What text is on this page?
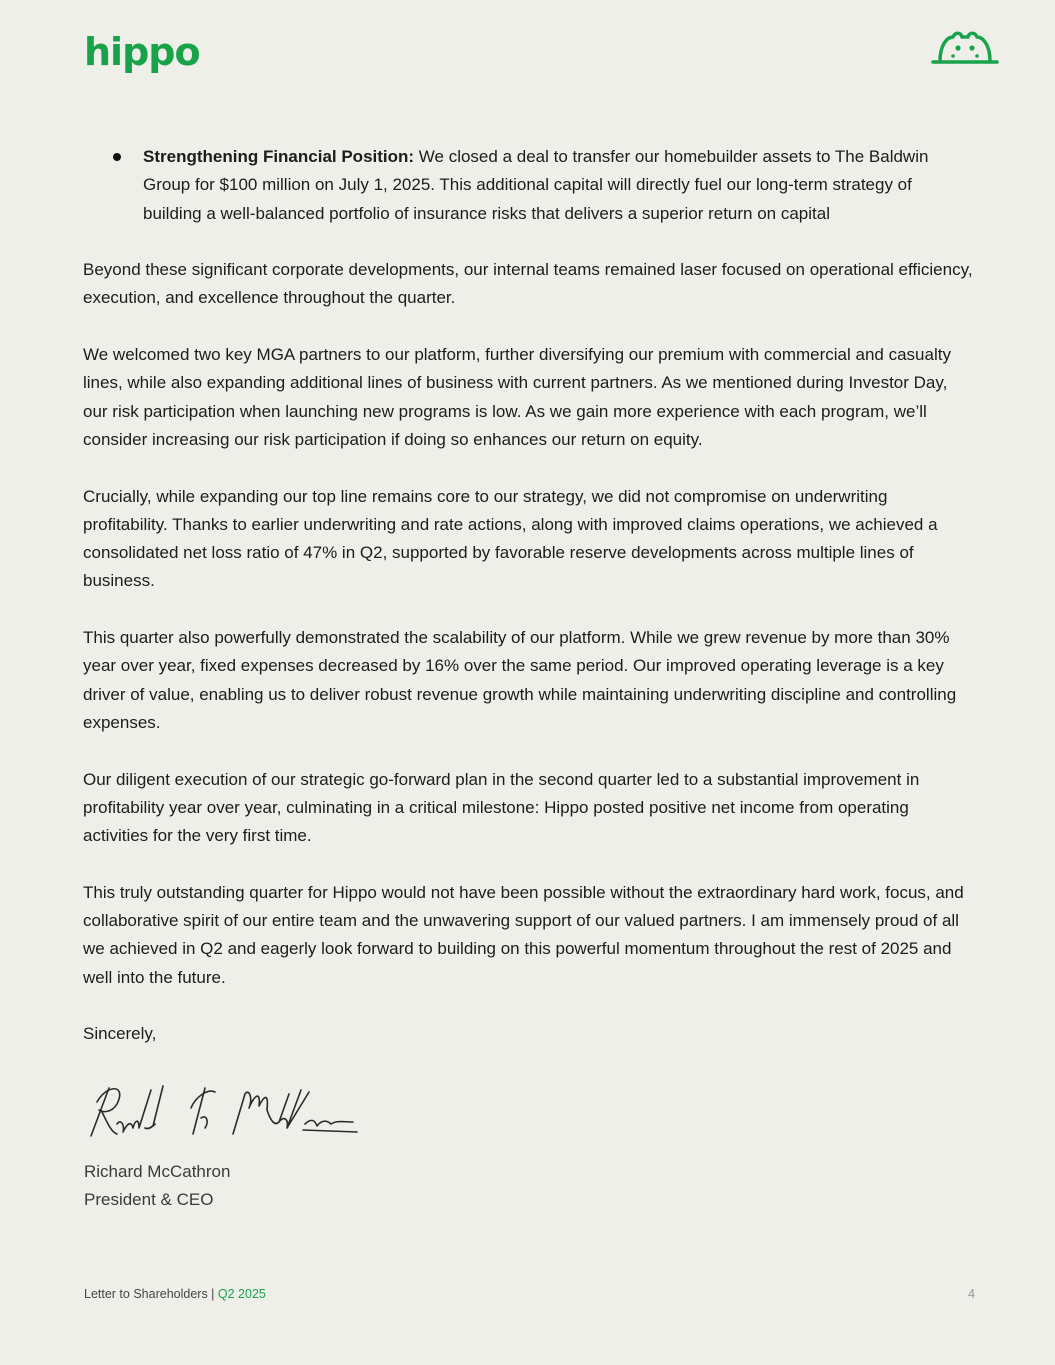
hippo

Strengthening Financial Position: We closed a deal to transfer our homebuilder assets to The Baldwin Group for $100 million on July 1, 2025. This additional capital will directly fuel our long-term strategy of building a well-balanced portfolio of insurance risks that delivers a superior return on capital

Beyond these significant corporate developments, our internal teams remained laser focused on operational efficiency, execution, and excellence throughout the quarter.

We welcomed two key MGA partners to our platform, further diversifying our premium with commercial and casualty lines, while also expanding additional lines of business with current partners. As we mentioned during Investor Day, our risk participation when launching new programs is low. As we gain more experience with each program, we’ll consider increasing our risk participation if doing so enhances our return on equity.

Crucially, while expanding our top line remains core to our strategy, we did not compromise on underwriting profitability. Thanks to earlier underwriting and rate actions, along with improved claims operations, we achieved a consolidated net loss ratio of 47% in Q2, supported by favorable reserve developments across multiple lines of business.

This quarter also powerfully demonstrated the scalability of our platform. While we grew revenue by more than 30% year over year, fixed expenses decreased by 16% over the same period. Our improved operating leverage is a key driver of value, enabling us to deliver robust revenue growth while maintaining underwriting discipline and controlling expenses.

Our diligent execution of our strategic go-forward plan in the second quarter led to a substantial improvement in profitability year over year, culminating in a critical milestone: Hippo posted positive net income from operating activities for the very first time.

This truly outstanding quarter for Hippo would not have been possible without the extraordinary hard work, focus, and collaborative spirit of our entire team and the unwavering support of our valued partners. I am immensely proud of all we achieved in Q2 and eagerly look forward to building on this powerful momentum throughout the rest of 2025 and well into the future.

Sincerely,

Richard McCathron
President & CEO
Letter to Shareholders | Q2 2025	4
